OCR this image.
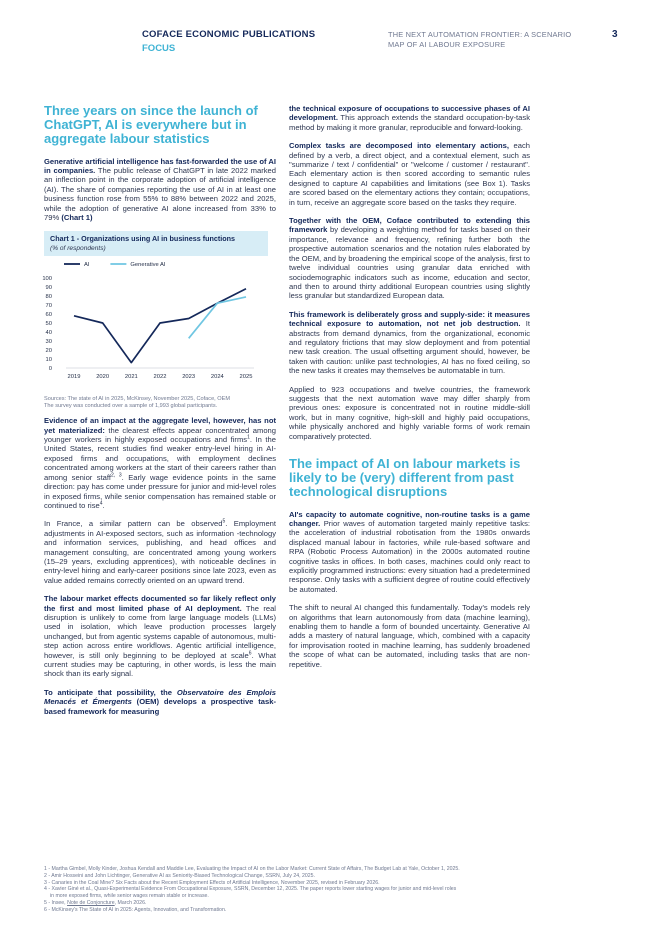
COFACE ECONOMIC PUBLICATIONS
FOCUS
THE NEXT AUTOMATION FRONTIER: A SCENARIO MAP OF AI LABOUR EXPOSURE
3
Three years on since the launch of ChatGPT, AI is everywhere but in aggregate labour statistics

Generative artificial intelligence has fast-forwarded the use of AI in companies. The public release of ChatGPT in late 2022 marked an inflection point in the corporate adoption of artificial intelligence (AI). The share of companies reporting the use of AI in at least one business function rose from 55% to 88% between 2022 and 2025, while the adoption of generative AI alone increased from 33% to 79% (Chart 1)

Chart 1 - Organizations using AI in business functions
(% of respondents)
0
10
20
30
40
50
60
70
80
90
100
2019	2020	2021	2022	2023	2024	2025
AI	Generative AI
Sources: The state of AI in 2025, McKinsey, November 2025, Coface, OEM
The survey was conducted over a sample of 1,993 global participants.

Evidence of an impact at the aggregate level, however, has not yet materialized: the clearest effects appear concentrated among younger workers in highly exposed occupations and firms$^1$. In the United States, recent studies find weaker entry-level hiring in AI-exposed firms and occupations, with employment declines concentrated among workers at the start of their careers rather than among senior staff$^{2, 3}$. Early wage evidence points in the same direction: pay has come under pressure for junior and mid-level roles in exposed firms, while senior compensation has remained stable or continued to rise$^4$.

In France, a similar pattern can be observed$^5$. Employment adjustments in AI-exposed sectors, such as information -technology and information services, publishing, and head offices and management consulting, are concentrated among young workers (15–29 years, excluding apprentices), with noticeable declines in entry-level hiring and early-career positions since late 2023, even as value added remains correctly oriented on an upward trend.

The labour market effects documented so far likely reflect only the first and most limited phase of AI deployment. The real disruption is unlikely to come from large language models (LLMs) used in isolation, which leave production processes largely unchanged, but from agentic systems capable of autonomous, multi-step action across entire workflows. Agentic artificial intelligence, however, is still only beginning to be deployed at scale$^6$. What current studies may be capturing, in other words, is less the main shock than its early signal.

To anticipate that possibility, the Observatoire des Emplois Menacés et Émergents (OEM) develops a prospective task-based framework for measuring

the technical exposure of occupations to successive phases of AI development. This approach extends the standard occupation-by-task method by making it more granular, reproducible and forward-looking.

Complex tasks are decomposed into elementary actions, each defined by a verb, a direct object, and a contextual element, such as "summarize / text / confidential" or "welcome / customer / restaurant". Each elementary action is then scored according to semantic rules designed to capture AI capabilities and limitations (see Box 1). Tasks are scored based on the elementary actions they contain; occupations, in turn, receive an aggregate score based on the tasks they require.

Together with the OEM, Coface contributed to extending this framework by developing a weighting method for tasks based on their importance, relevance and frequency, refining further both the prospective automation scenarios and the notation rules elaborated by the OEM, and by broadening the empirical scope of the analysis, first to twelve individual countries using granular data enriched with sociodemographic indicators such as income, education and sector, and then to around thirty additional European countries using slightly less granular but standardized European data.

This framework is deliberately gross and supply-side: it measures technical exposure to automation, not net job destruction. It abstracts from demand dynamics, from the organizational, economic and regulatory frictions that may slow deployment and from potential new task creation. The usual offsetting argument should, however, be taken with caution: unlike past technologies, AI has no fixed ceiling, so the new tasks it creates may themselves be automatable in turn.

Applied to 923 occupations and twelve countries, the framework suggests that the next automation wave may differ sharply from previous ones: exposure is concentrated not in routine middle-skill work, but in many cognitive, high-skill and highly paid occupations, while physically anchored and highly variable forms of work remain comparatively protected.

The impact of AI on labour markets is likely to be (very) different from past technological disruptions

AI's capacity to automate cognitive, non-routine tasks is a game changer. Prior waves of automation targeted mainly repetitive tasks: the acceleration of industrial robotisation from the 1980s onwards displaced manual labour in factories, while rule-based software and RPA (Robotic Process Automation) in the 2000s automated routine cognitive tasks in offices. In both cases, machines could only react to explicitly programmed instructions: every situation had a predetermined response. Only tasks with a sufficient degree of routine could effectively be automated.

The shift to neural AI changed this fundamentally. Today's models rely on algorithms that learn autonomously from data (machine learning), enabling them to handle a form of bounded uncertainty. Generative AI adds a mastery of natural language, which, combined with a capacity for improvisation rooted in machine learning, has suddenly broadened the scope of what can be automated, including tasks that are non-repetitive.

1 - Martha Gimbel, Molly Kinder, Joshua Kendall and Maddie Lee, Evaluating the Impact of AI on the Labor Market: Current State of Affairs, The Budget Lab at Yale, October 1, 2025.
2 - Amir Hosseini and John Lichtinger, Generative AI as Seniority-Biased Technological Change, SSRN, July 24, 2025.
3 - Canaries in the Coal Mine? Six Facts about the Recent Employment Effects of Artificial Intelligence, November 2025, revised in February 2026.
4 - Xavier Giné et al., Quasi-Experimental Evidence From Occupational Exposure, SSRN, December 12, 2025. The paper reports lower starting wages for junior and mid-level roles
in more exposed firms, while senior wages remain stable or increase.
5 - Insee, Note de Conjoncture, March 2026.
6 - McKinsey's The State of AI in 2025: Agents, Innovation, and Transformation.
